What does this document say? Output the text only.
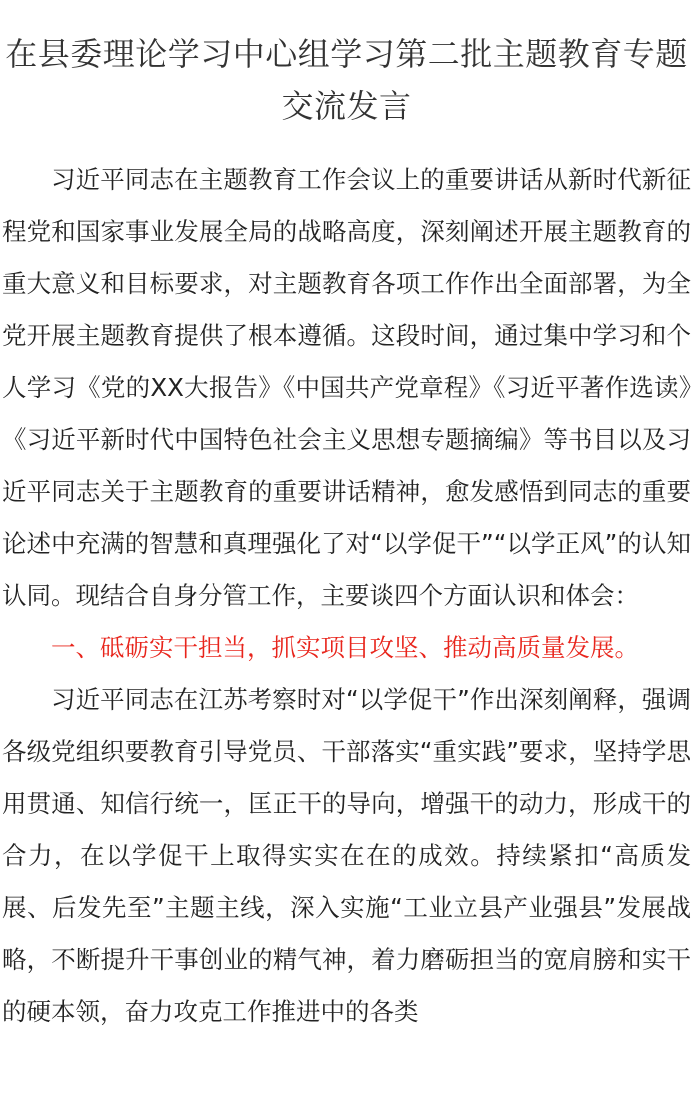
在县委理论学习中心组学习第二批主题教育专题交流发言

习近平同志在主题教育工作会议上的重要讲话从新时代新征程党和国家事业发展全局的战略高度，深刻阐述开展主题教育的重大意义和目标要求，对主题教育各项工作作出全面部署，为全党开展主题教育提供了根本遵循。这段时间，通过集中学习和个人学习《党的XX大报告》《中国共产党章程》《习近平著作选读》《习近平新时代中国特色社会主义思想专题摘编》等书目以及习近平同志关于主题教育的重要讲话精神，愈发感悟到同志的重要论述中充满的智慧和真理强化了对“以学促干”“以学正风”的认知认同。现结合自身分管工作，主要谈四个方面认识和体会：

一、砥砺实干担当，抓实项目攻坚、推动高质量发展。

习近平同志在江苏考察时对“以学促干”作出深刻阐释，强调各级党组织要教育引导党员、干部落实“重实践”要求，坚持学思用贯通、知信行统一，匡正干的导向，增强干的动力，形成干的合力，在以学促干上取得实实在在的成效。持续紧扣“高质发展、后发先至”主题主线，深入实施“工业立县产业强县”发展战略，不断提升干事创业的精气神，着力磨砺担当的宽肩膀和实干的硬本领，奋力攻克工作推进中的各类
